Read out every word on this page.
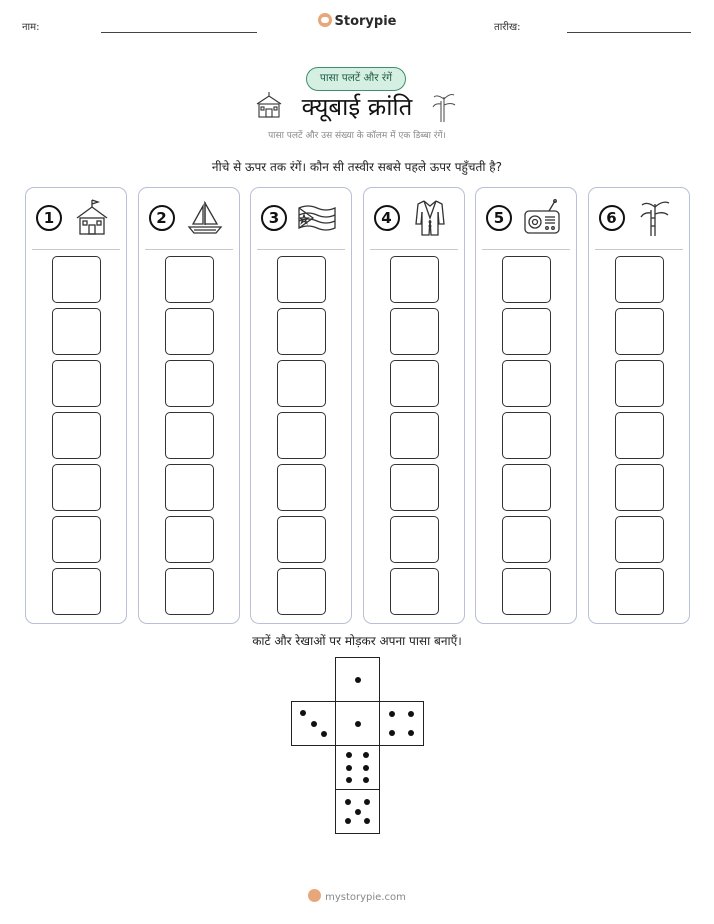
नाम:	Storypie	तारीख:
पासा पलटें और रंगें
क्यूबाई क्रांति
पासा पलटें और उस संख्या के कॉलम में एक डिब्बा रंगें।
नीचे से ऊपर तक रंगें। कौन सी तस्वीर सबसे पहले ऊपर पहुँचती है?
1	2	3	4	5	6
काटें और रेखाओं पर मोड़कर अपना पासा बनाएँ।
mystorypie.com
